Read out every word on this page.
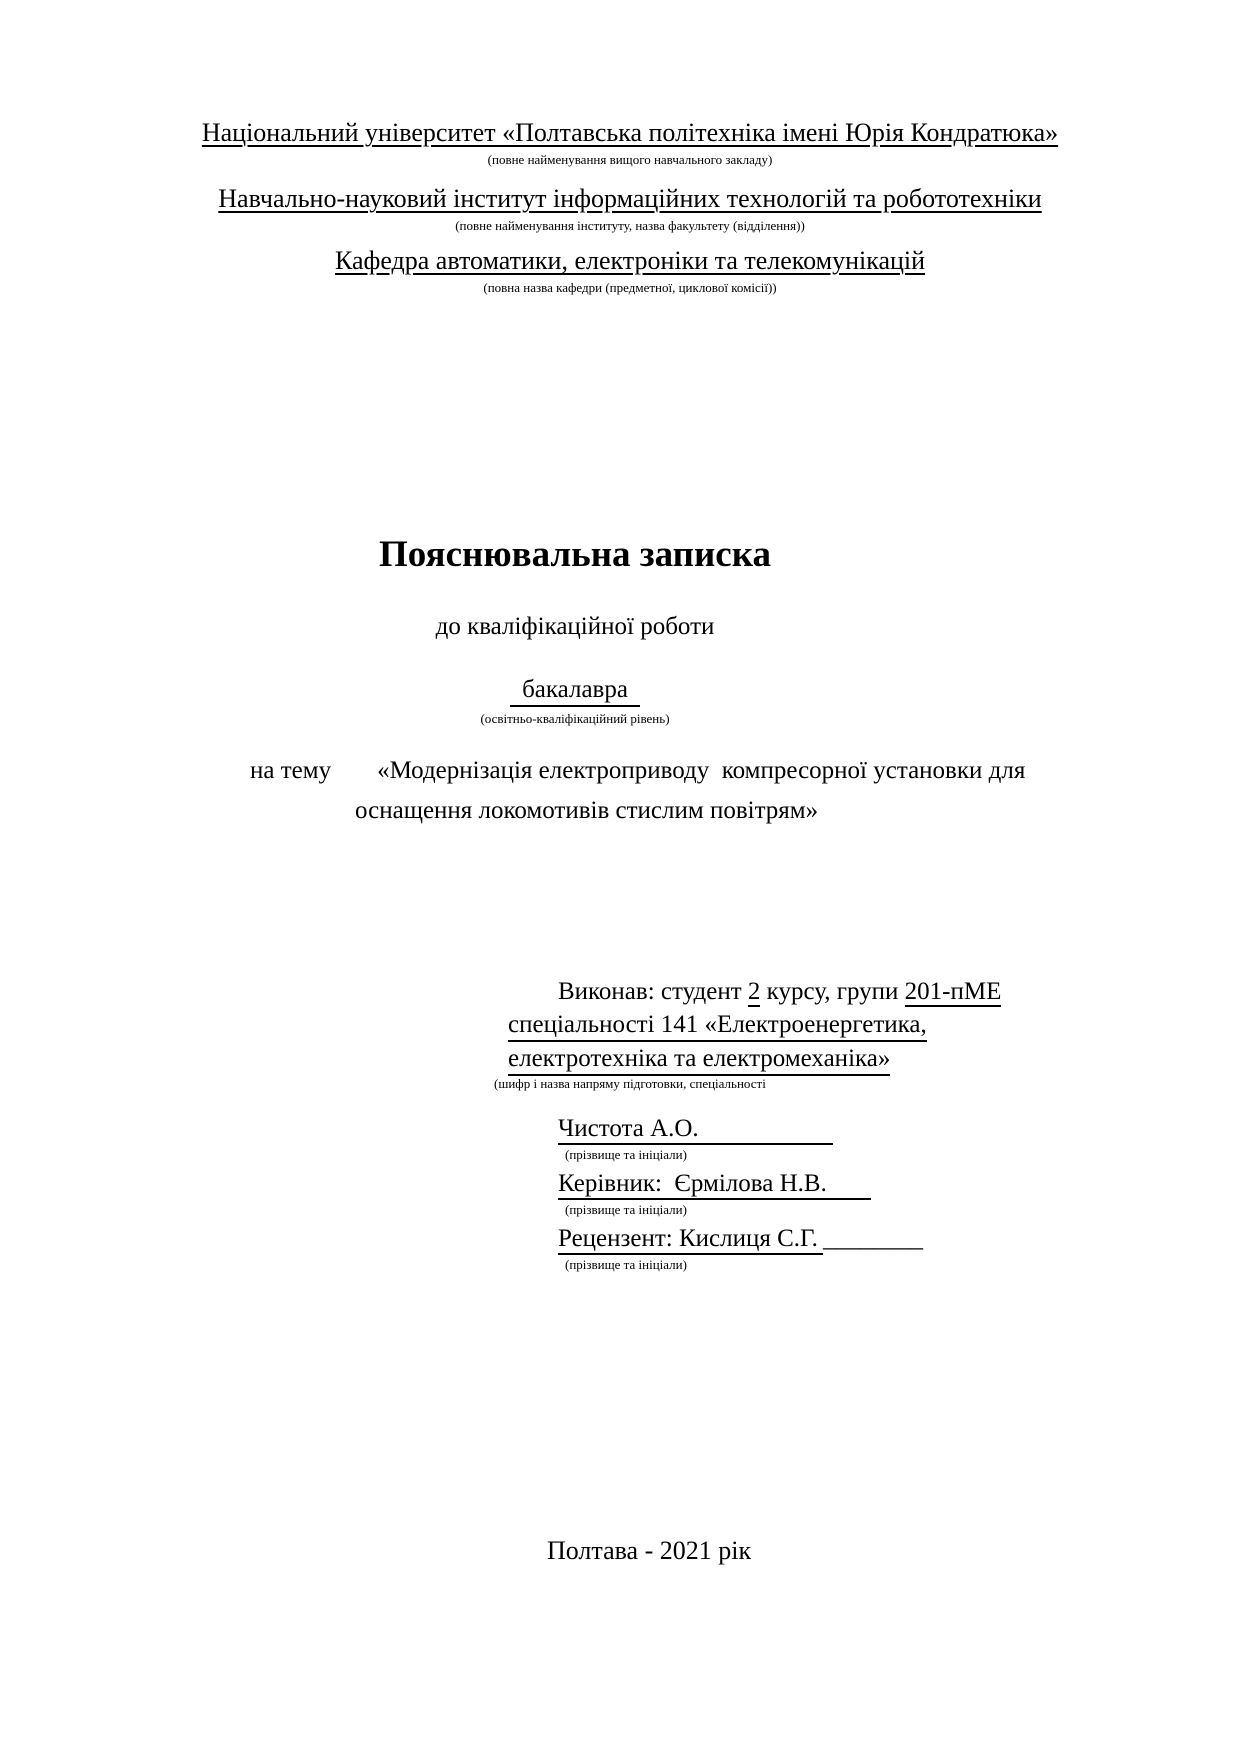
Національний університет «Полтавська політехніка імені Юрія Кондратюка»
(повне найменування вищого навчального закладу)
Навчально-науковий інститут інформаційних технологій та робототехніки
(повне найменування інституту, назва факультету (відділення))
Кафедра автоматики, електроніки та телекомунікацій
(повна назва кафедри (предметної, циклової комісії))
Пояснювальна записка
до кваліфікаційної роботи
бакалавра
(освітньо-кваліфікаційний рівень)
на тему «Модернізація електроприводу  компресорної установки для
оснащення локомотивів стислим повітрям»
Виконав: студент 2 курсу, групи 201-пМЕ
спеціальності 141 «Електроенергетика,
електротехніка та електромеханіка»
(шифр і назва напряму підготовки, спеціальності
Чистота А.О.
(прізвище та ініціали)
Керівник:  Єрмілова Н.В.
(прізвище та ініціали)
Рецензент: Кислиця С.Г. ________
(прізвище та ініціали)
Полтава - 2021 рік
